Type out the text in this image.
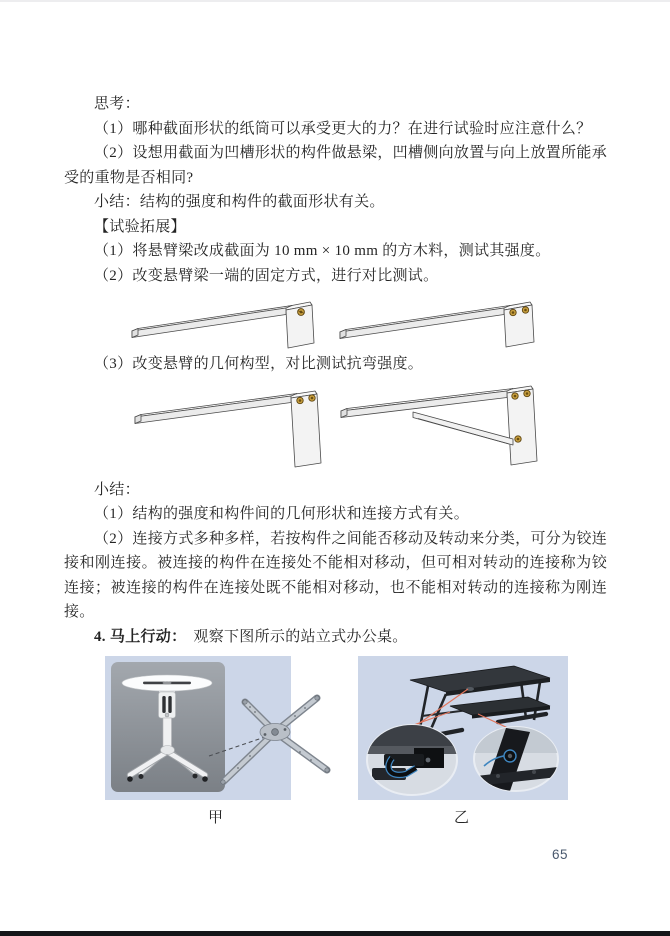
思考：

（1）哪种截面形状的纸筒可以承受更大的力？在进行试验时应注意什么？

（2）设想用截面为凹槽形状的构件做悬梁，凹槽侧向放置与向上放置所能承受的重物是否相同?

小结：结构的强度和构件的截面形状有关。

【试验拓展】

（1）将悬臂梁改成截面为 10 mm × 10 mm 的方木料，测试其强度。

（2）改变悬臂梁一端的固定方式，进行对比测试。

（3）改变悬臂的几何构型，对比测试抗弯强度。

小结：

（1）结构的强度和构件间的几何形状和连接方式有关。

（2）连接方式多种多样，若按构件之间能否移动及转动来分类，可分为铰连接和刚连接。被连接的构件在连接处不能相对移动，但可相对转动的连接称为铰连接；被连接的构件在连接处既不能相对移动，也不能相对转动的连接称为刚连接。

4. 马上行动： 观察下图所示的站立式办公桌。

甲	乙
65
